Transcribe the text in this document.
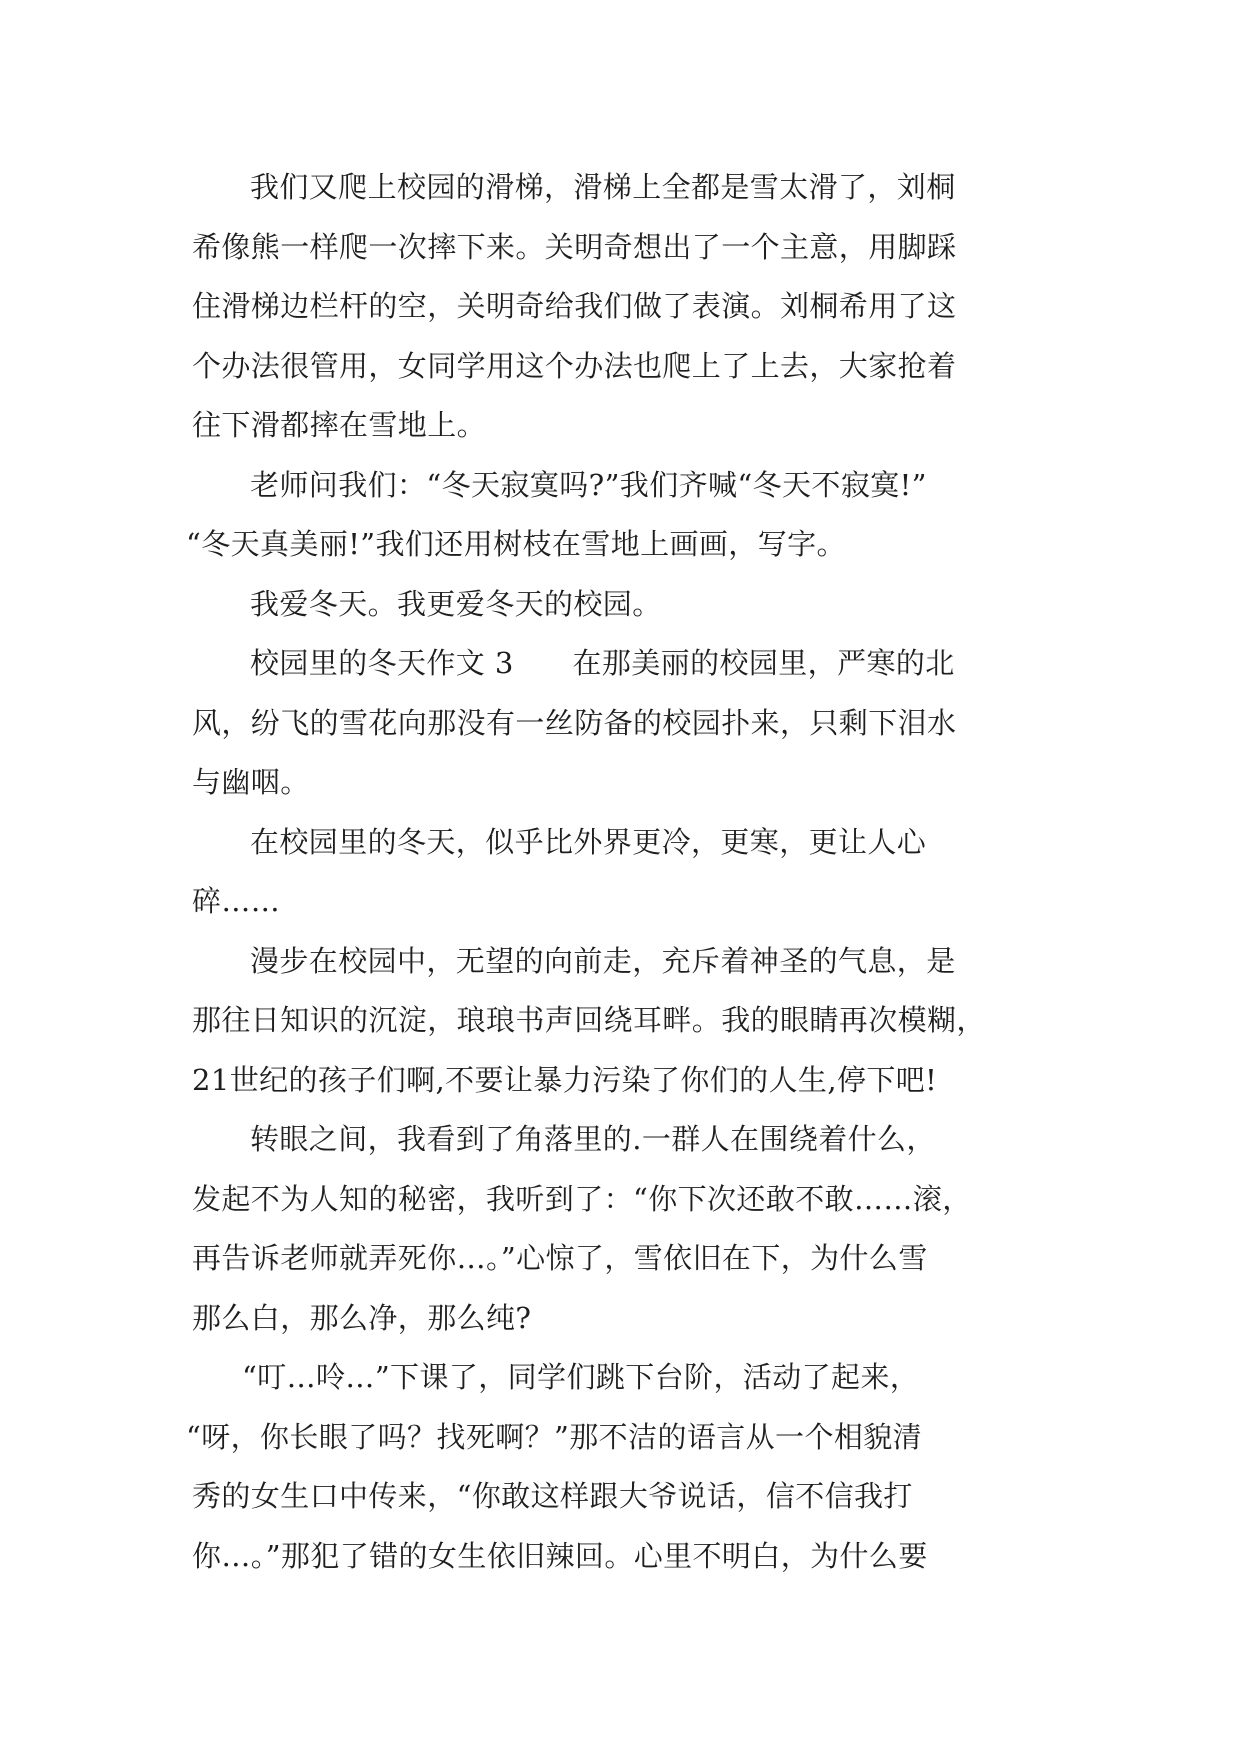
我们又爬上校园的滑梯，滑梯上全都是雪太滑了，刘桐
希像熊一样爬一次摔下来。关明奇想出了一个主意，用脚踩
住滑梯边栏杆的空，关明奇给我们做了表演。刘桐希用了这
个办法很管用，女同学用这个办法也爬上了上去，大家抢着
往下滑都摔在雪地上。
老师问我们：“冬天寂寞吗?”我们齐喊“冬天不寂寞!”
“冬天真美丽!”我们还用树枝在雪地上画画，写字。
我爱冬天。我更爱冬天的校园。
校园里的冬天作文 3　　在那美丽的校园里，严寒的北
风，纷飞的雪花向那没有一丝防备的校园扑来，只剩下泪水
与幽咽。
在校园里的冬天，似乎比外界更冷，更寒，更让人心
碎……
漫步在校园中，无望的向前走，充斥着神圣的气息，是
那往日知识的沉淀，琅琅书声回绕耳畔。我的眼睛再次模糊，
21世纪的孩子们啊,不要让暴力污染了你们的人生,停下吧!
转眼之间，我看到了角落里的.一群人在围绕着什么，
发起不为人知的秘密，我听到了：“你下次还敢不敢……滚，
再告诉老师就弄死你…。”心惊了，雪依旧在下，为什么雪
那么白，那么净，那么纯?
“叮…呤…”下课了，同学们跳下台阶，活动了起来，
“呀，你长眼了吗？找死啊？”那不洁的语言从一个相貌清
秀的女生口中传来，“你敢这样跟大爷说话，信不信我打
你…。”那犯了错的女生依旧辣回。心里不明白，为什么要
